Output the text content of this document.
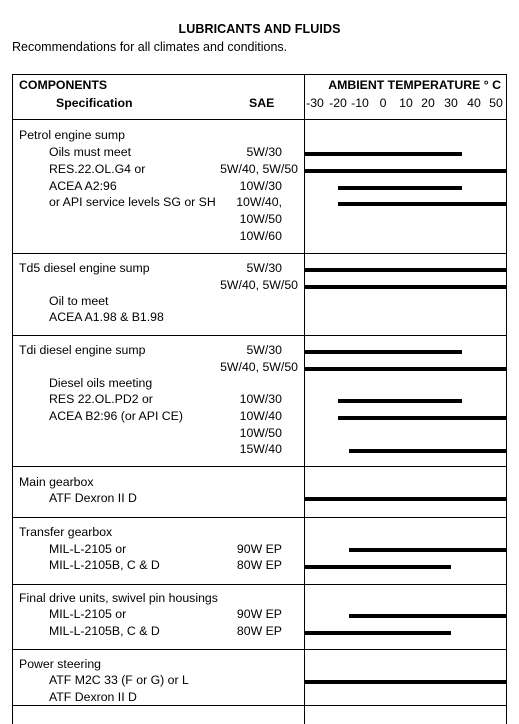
LUBRICANTS AND FLUIDS
Recommendations for all climates and conditions.
COMPONENTS
Specification	SAE
AMBIENT TEMPERATURE ° C
-30 -20 -10 0 10 20 30 40 50
Petrol engine sump
Oils must meet
RES.22.OL.G4 or
ACEA A2:96
or API service levels SG or SH
5W/30
5W/40, 5W/50
10W/30
10W/40,
10W/50
10W/60
Td5 diesel engine sump
Oil to meet
ACEA A1.98 & B1.98
5W/30
5W/40, 5W/50
Tdi diesel engine sump
Diesel oils meeting
RES 22.OL.PD2 or
ACEA B2:96 (or API CE)
5W/30
5W/40, 5W/50
10W/30
10W/40
10W/50
15W/40
Main gearbox
ATF Dexron II D
Transfer gearbox
MIL-L-2105 or
MIL-L-2105B, C & D
90W EP
80W EP
Final drive units, swivel pin housings
MIL-L-2105 or
MIL-L-2105B, C & D
90W EP
80W EP
Power steering
ATF M2C 33 (F or G) or L
ATF Dexron II D
